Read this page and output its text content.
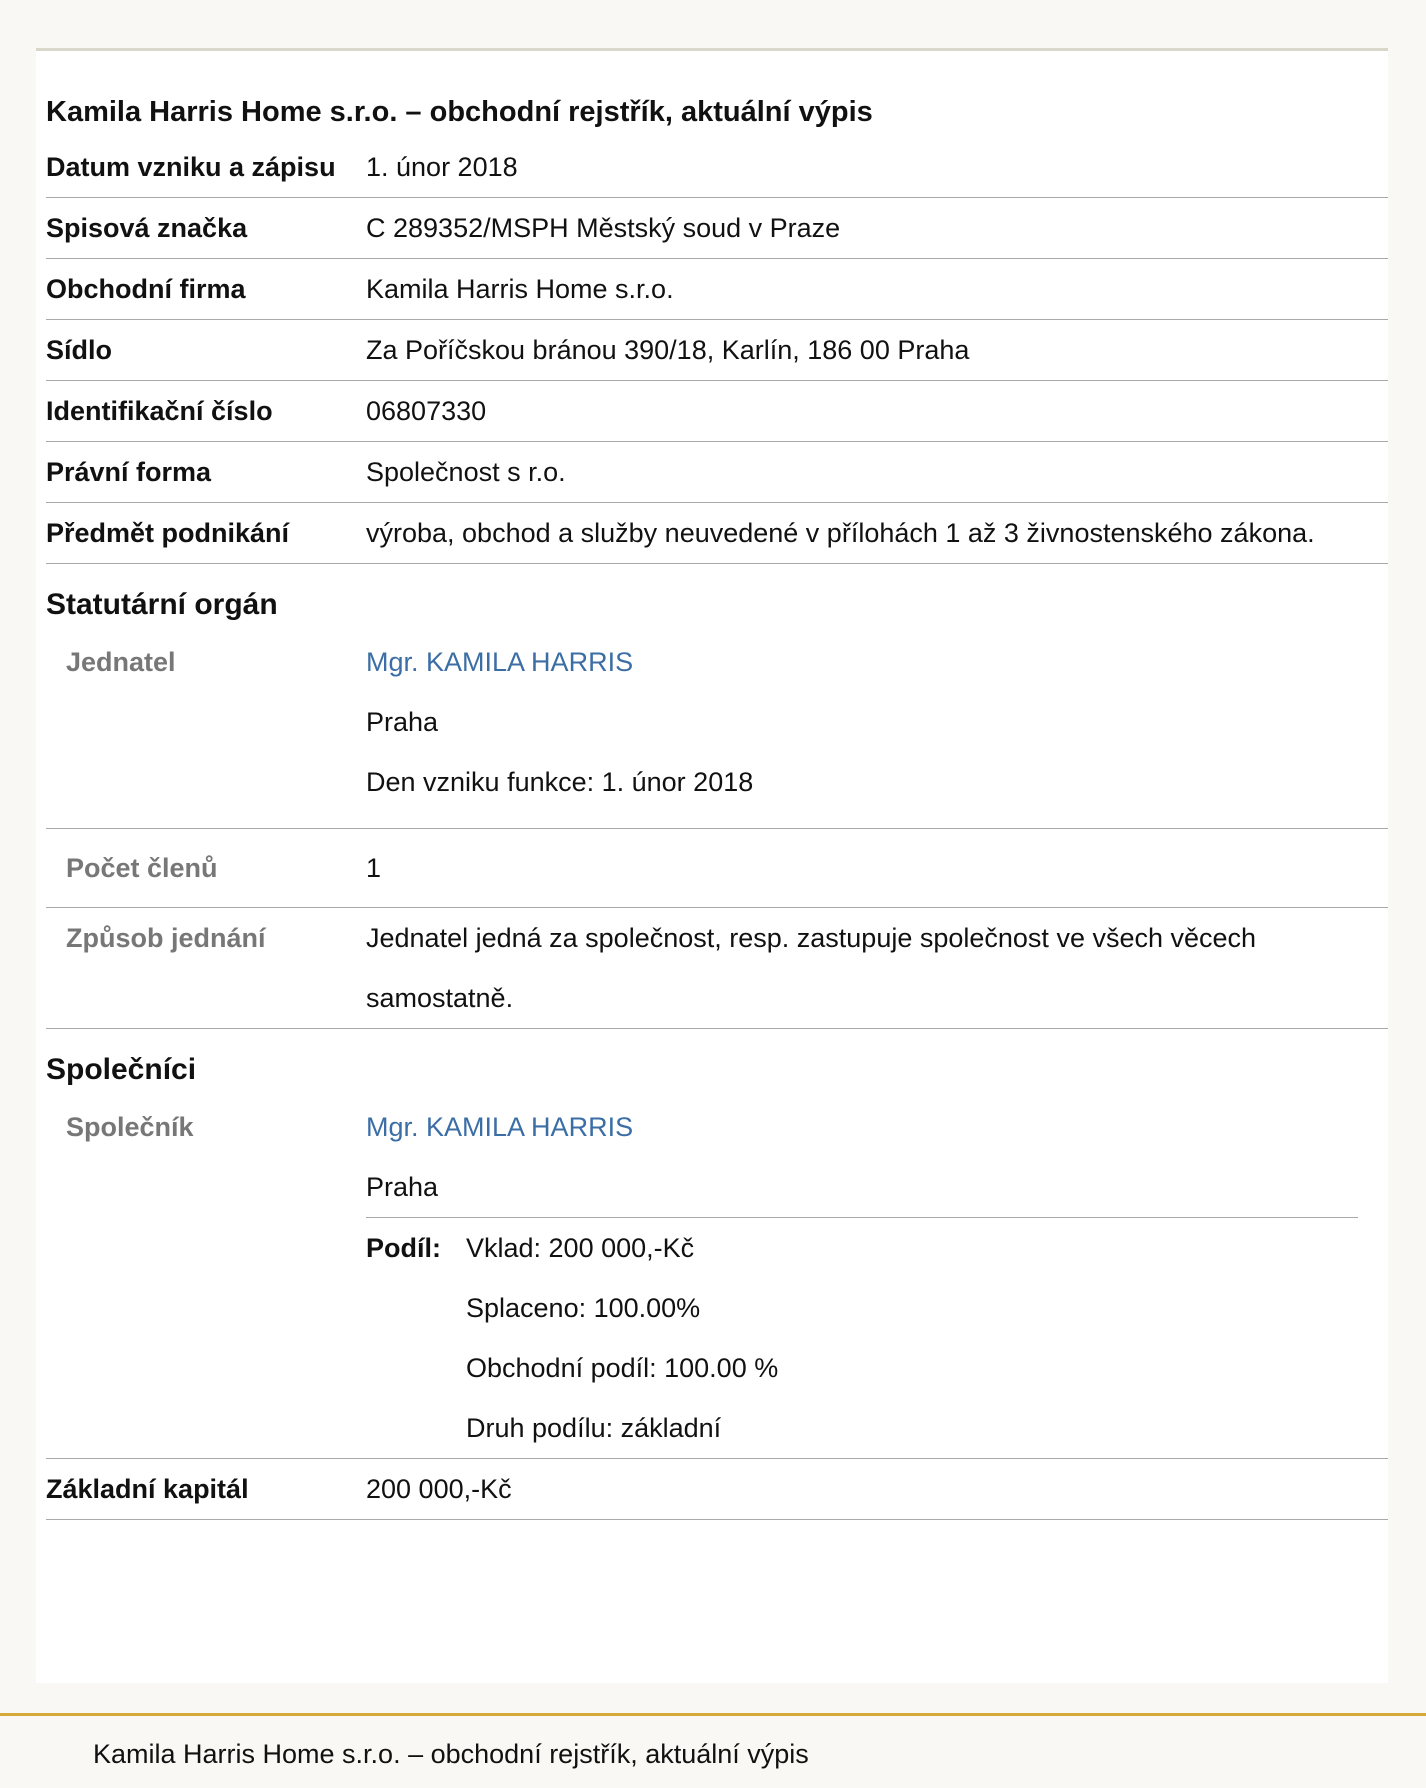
Kamila Harris Home s.r.o. – obchodní rejstřík, aktuální výpis
Datum vzniku a zápisu	1. únor 2018
Spisová značka	C 289352/MSPH Městský soud v Praze
Obchodní firma	Kamila Harris Home s.r.o.
Sídlo	Za Poříčskou bránou 390/18, Karlín, 186 00 Praha
Identifikační číslo	06807330
Právní forma	Společnost s r.o.
Předmět podnikání	výroba, obchod a služby neuvedené v přílohách 1 až 3 živnostenského zákona.
Statutární orgán
Jednatel	Mgr. KAMILA HARRIS
Praha
Den vzniku funkce: 1. únor 2018
Počet členů	1
Způsob jednání	Jednatel jedná za společnost, resp. zastupuje společnost ve všech věcech samostatně.
Společníci
Společník	Mgr. KAMILA HARRIS
Praha
Podíl: Vklad: 200 000,-Kč
Splaceno: 100.00%
Obchodní podíl: 100.00 %
Druh podílu: základní
Základní kapitál	200 000,-Kč
Kamila Harris Home s.r.o. – obchodní rejstřík, aktuální výpis
